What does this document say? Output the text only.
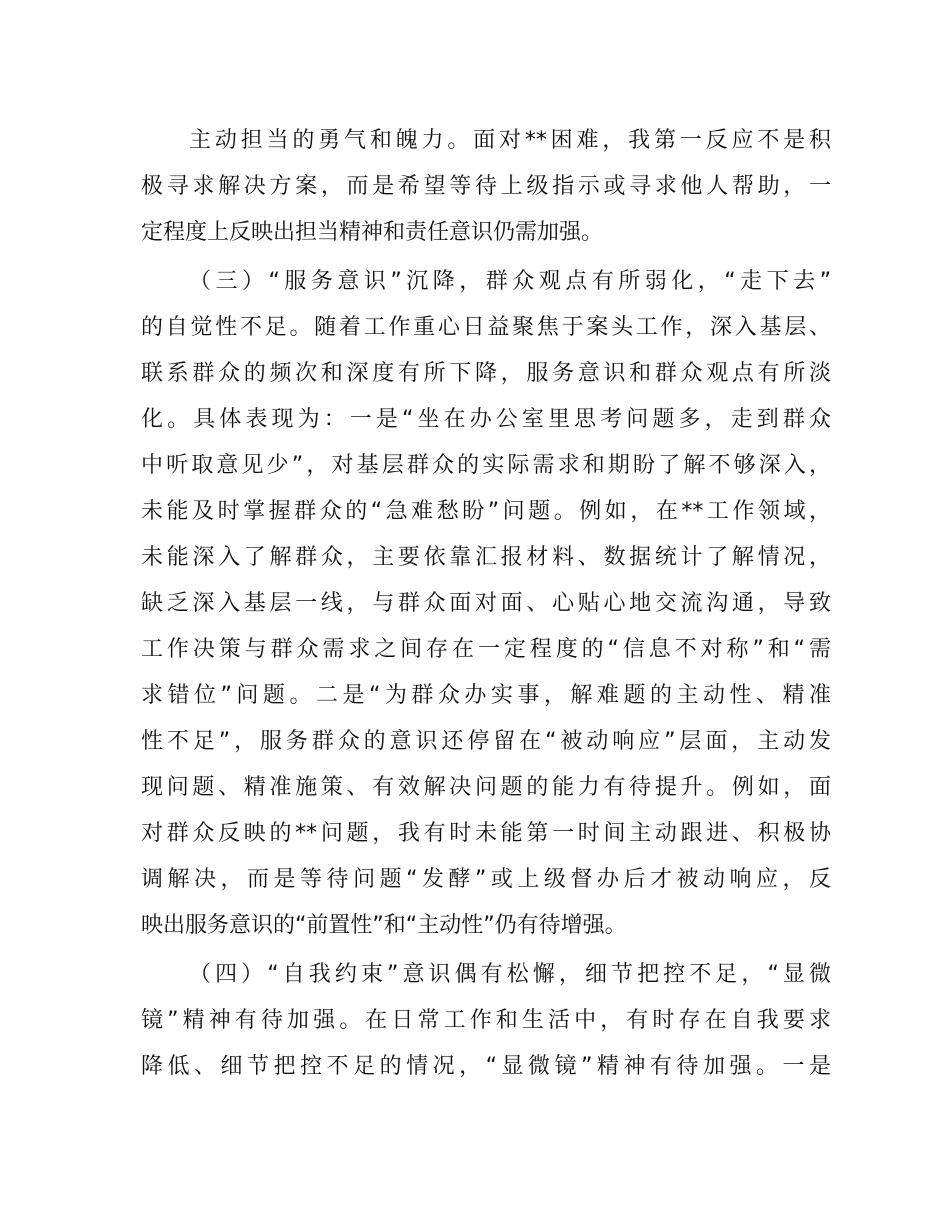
主动担当的勇气和魄力。面对**困难，我第一反应不是积
极寻求解决方案，而是希望等待上级指示或寻求他人帮助，一
定程度上反映出担当精神和责任意识仍需加强。
（三）“服务意识”沉降，群众观点有所弱化，“走下去”
的自觉性不足。随着工作重心日益聚焦于案头工作，深入基层、
联系群众的频次和深度有所下降，服务意识和群众观点有所淡
化。具体表现为：一是“坐在办公室里思考问题多，走到群众
中听取意见少”，对基层群众的实际需求和期盼了解不够深入，
未能及时掌握群众的“急难愁盼”问题。例如，在**工作领域，
未能深入了解群众，主要依靠汇报材料、数据统计了解情况，
缺乏深入基层一线，与群众面对面、心贴心地交流沟通，导致
工作决策与群众需求之间存在一定程度的“信息不对称”和“需
求错位”问题。二是“为群众办实事，解难题的主动性、精准
性不足”，服务群众的意识还停留在“被动响应”层面，主动发
现问题、精准施策、有效解决问题的能力有待提升。例如，面
对群众反映的**问题，我有时未能第一时间主动跟进、积极协
调解决，而是等待问题“发酵”或上级督办后才被动响应，反
映出服务意识的“前置性”和“主动性”仍有待增强。
（四）“自我约束”意识偶有松懈，细节把控不足，“显微
镜”精神有待加强。在日常工作和生活中，有时存在自我要求
降低、细节把控不足的情况，“显微镜”精神有待加强。一是
